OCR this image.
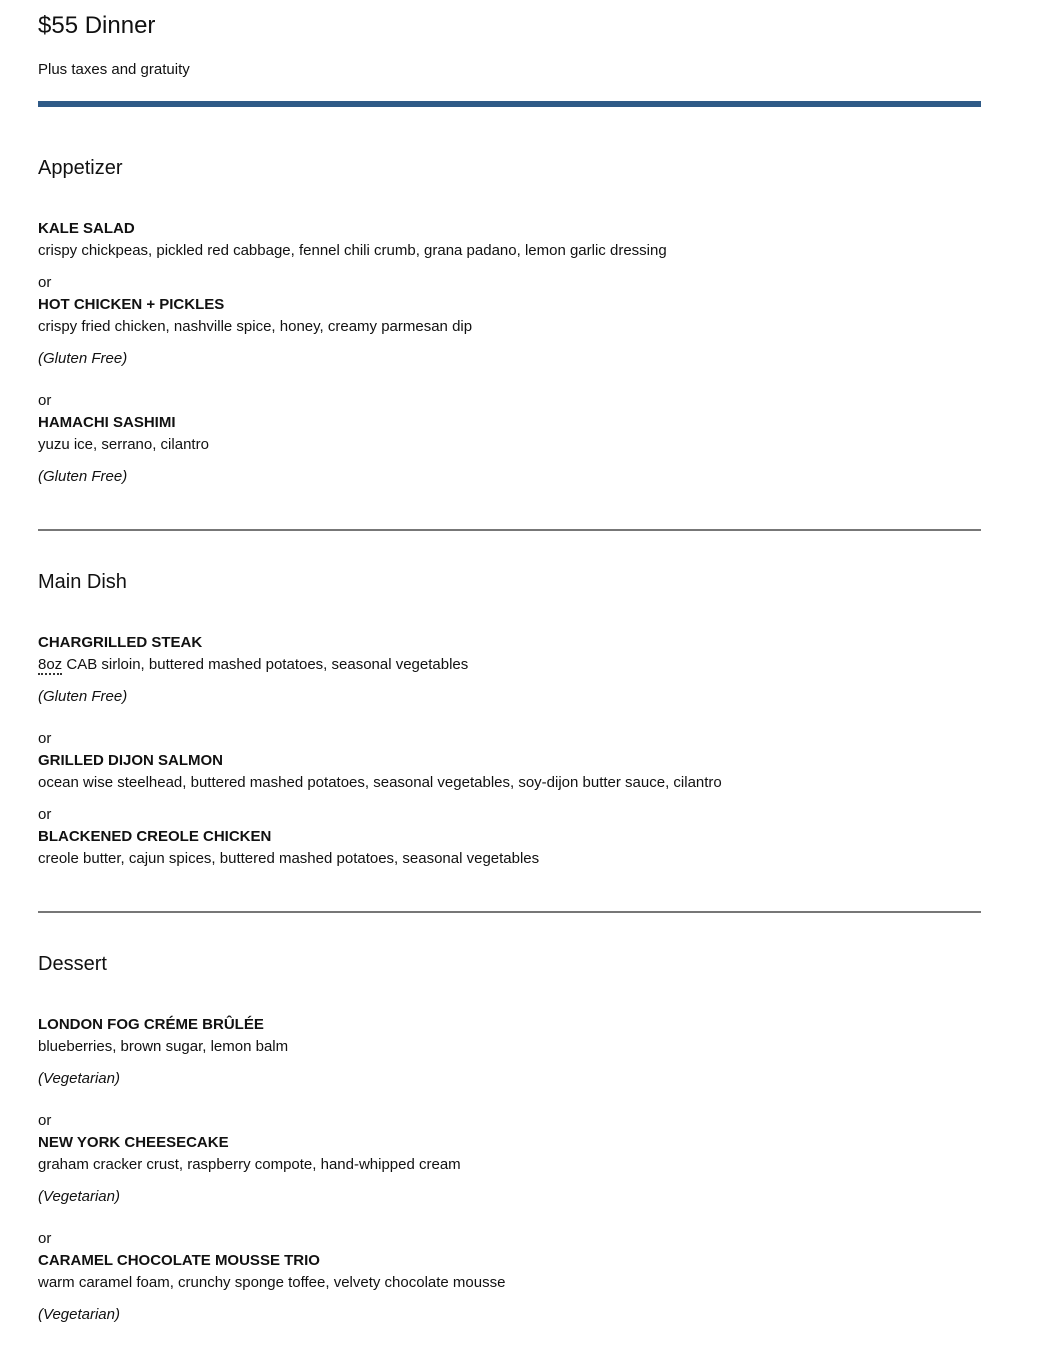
$55 Dinner
Plus taxes and gratuity
Appetizer
KALE SALAD
crispy chickpeas, pickled red cabbage, fennel chili crumb, grana padano, lemon garlic dressing
or
HOT CHICKEN + PICKLES
crispy fried chicken, nashville spice, honey, creamy parmesan dip
(Gluten Free)
or
HAMACHI SASHIMI
yuzu ice, serrano, cilantro
(Gluten Free)
Main Dish
CHARGRILLED STEAK
8oz CAB sirloin, buttered mashed potatoes, seasonal vegetables
(Gluten Free)
or
GRILLED DIJON SALMON
ocean wise steelhead, buttered mashed potatoes, seasonal vegetables, soy-dijon butter sauce, cilantro
or
BLACKENED CREOLE CHICKEN
creole butter, cajun spices, buttered mashed potatoes, seasonal vegetables
Dessert
LONDON FOG CRÉME BRÛLÉE
blueberries, brown sugar, lemon balm
(Vegetarian)
or
NEW YORK CHEESECAKE
graham cracker crust, raspberry compote, hand-whipped cream
(Vegetarian)
or
CARAMEL CHOCOLATE MOUSSE TRIO
warm caramel foam, crunchy sponge toffee, velvety chocolate mousse
(Vegetarian)
